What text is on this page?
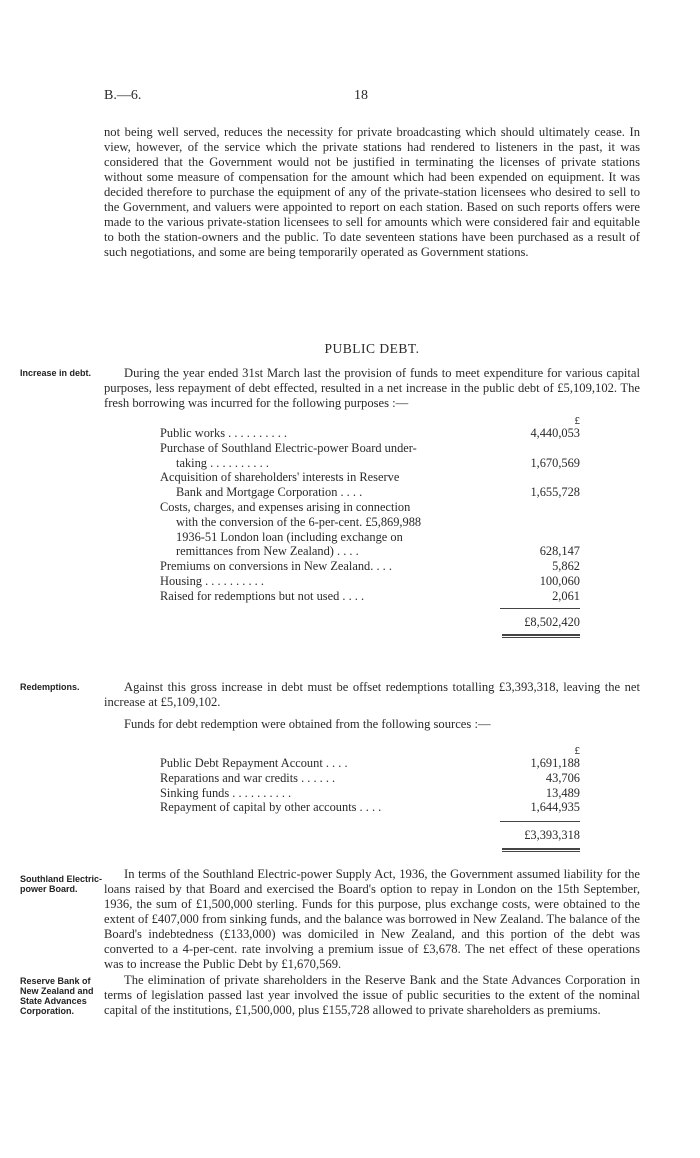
B.—6.	18

not being well served, reduces the necessity for private broadcasting which should ultimately cease. In view, however, of the service which the private stations had rendered to listeners in the past, it was considered that the Government would not be justified in terminating the licenses of private stations without some measure of compensation for the amount which had been expended on equipment. It was decided therefore to purchase the equipment of any of the private-station licensees who desired to sell to the Government, and valuers were appointed to report on each station. Based on such reports offers were made to the various private-station licensees to sell for amounts which were considered fair and equitable to both the station-owners and the public. To date seventeen stations have been purchased as a result of such negotiations, and some are being temporarily operated as Government stations.

PUBLIC DEBT.
Increase in debt.	During the year ended 31st March last the provision of funds to meet expenditure for various capital purposes, less repayment of debt effected, resulted in a net increase in the public debt of £5,109,102. The fresh borrowing was incurred for the following purposes :—

£
Public works . . . . . . . . . .	4,440,053
Purchase of Southland Electric-power Board under-
taking . . . . . . . . . .	1,670,569
Acquisition of shareholders' interests in Reserve
Bank and Mortgage Corporation . . . .	1,655,728
Costs, charges, and expenses arising in connection
with the conversion of the 6-per-cent. £5,869,988
1936-51 London loan (including exchange on
remittances from New Zealand) . . . .	628,147
Premiums on conversions in New Zealand. . . .	5,862
Housing . . . . . . . . . .	100,060
Raised for redemptions but not used . . . .	2,061
£8,502,420
Redemptions.	Against this gross increase in debt must be offset redemptions totalling £3,393,318, leaving the net increase at £5,109,102.

Funds for debt redemption were obtained from the following sources :—

£
Public Debt Repayment Account . . . .	1,691,188
Reparations and war credits . . . . . .	43,706
Sinking funds . . . . . . . . . .	13,489
Repayment of capital by other accounts . . . .	1,644,935
£3,393,318
Southland Electric-power Board.

In terms of the Southland Electric-power Supply Act, 1936, the Government assumed liability for the loans raised by that Board and exercised the Board's option to repay in London on the 15th September, 1936, the sum of £1,500,000 sterling. Funds for this purpose, plus exchange costs, were obtained to the extent of £407,000 from sinking funds, and the balance was borrowed in New Zealand. The balance of the Board's indebtedness (£133,000) was domiciled in New Zealand, and this portion of the debt was converted to a 4-per-cent. rate involving a premium issue of £3,678. The net effect of these operations was to increase the Public Debt by £1,670,569.

Reserve Bank of New Zealand and State Advances Corporation.

The elimination of private shareholders in the Reserve Bank and the State Advances Corporation in terms of legislation passed last year involved the issue of public securities to the extent of the nominal capital of the institutions, £1,500,000, plus £155,728 allowed to private shareholders as premiums.
